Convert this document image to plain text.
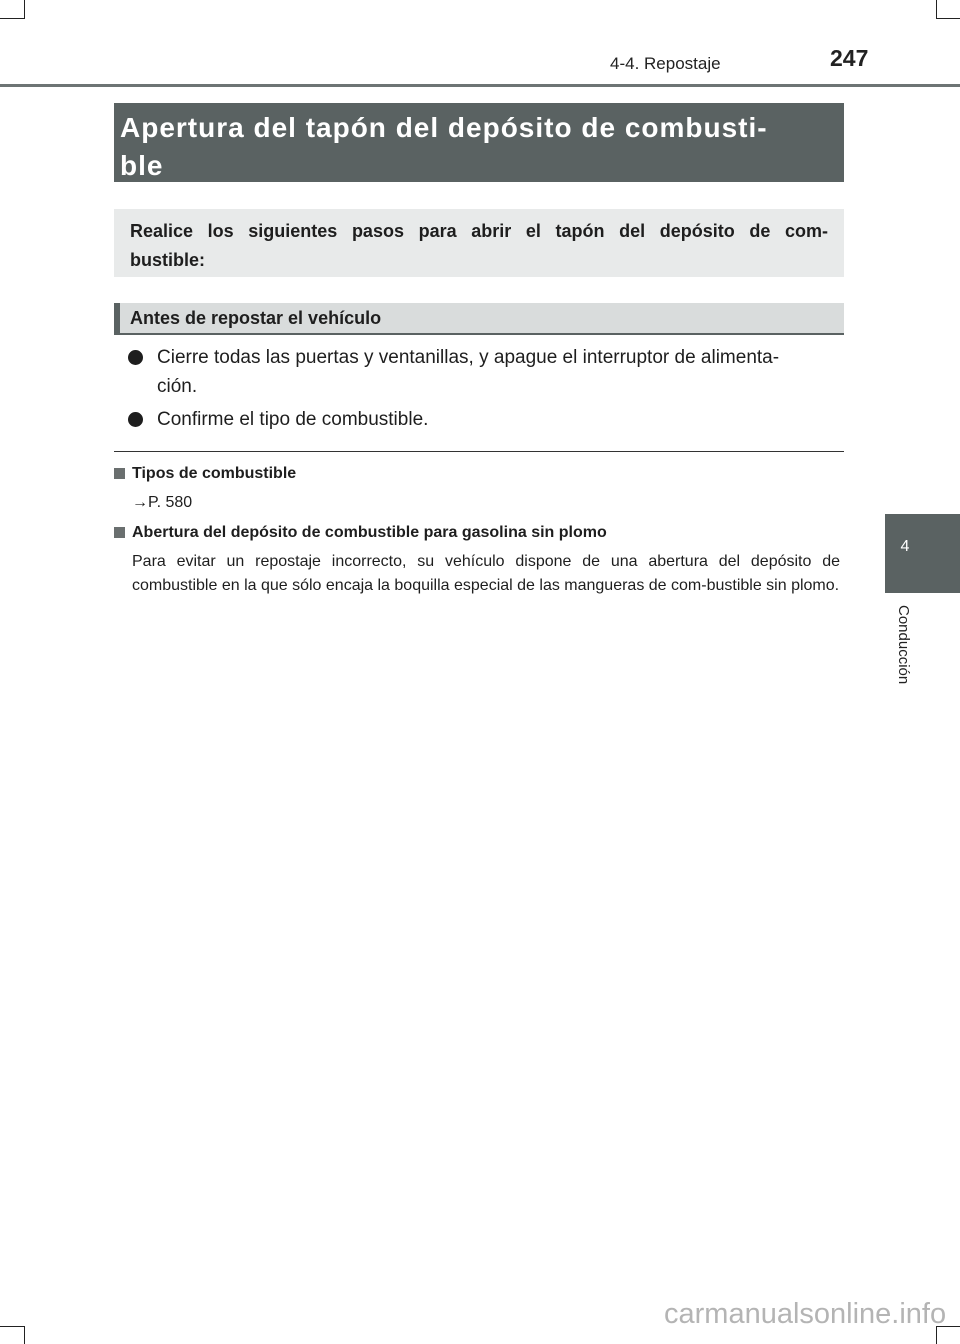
4-4. Repostaje	247
Apertura del tapón del depósito de combusti-
ble
Realice los siguientes pasos para abrir el tapón del depósito de com-bustible:
Antes de repostar el vehículo
Cierre todas las puertas y ventanillas, y apague el interruptor de alimenta-
ción.
Confirme el tipo de combustible.
Tipos de combustible
→P. 580
Abertura del depósito de combustible para gasolina sin plomo
Para evitar un repostaje incorrecto, su vehículo dispone de una abertura del depósito de combustible en la que sólo encaja la boquilla especial de las mangueras de com-bustible sin plomo.
4
Conducción
carmanualsonline.info
